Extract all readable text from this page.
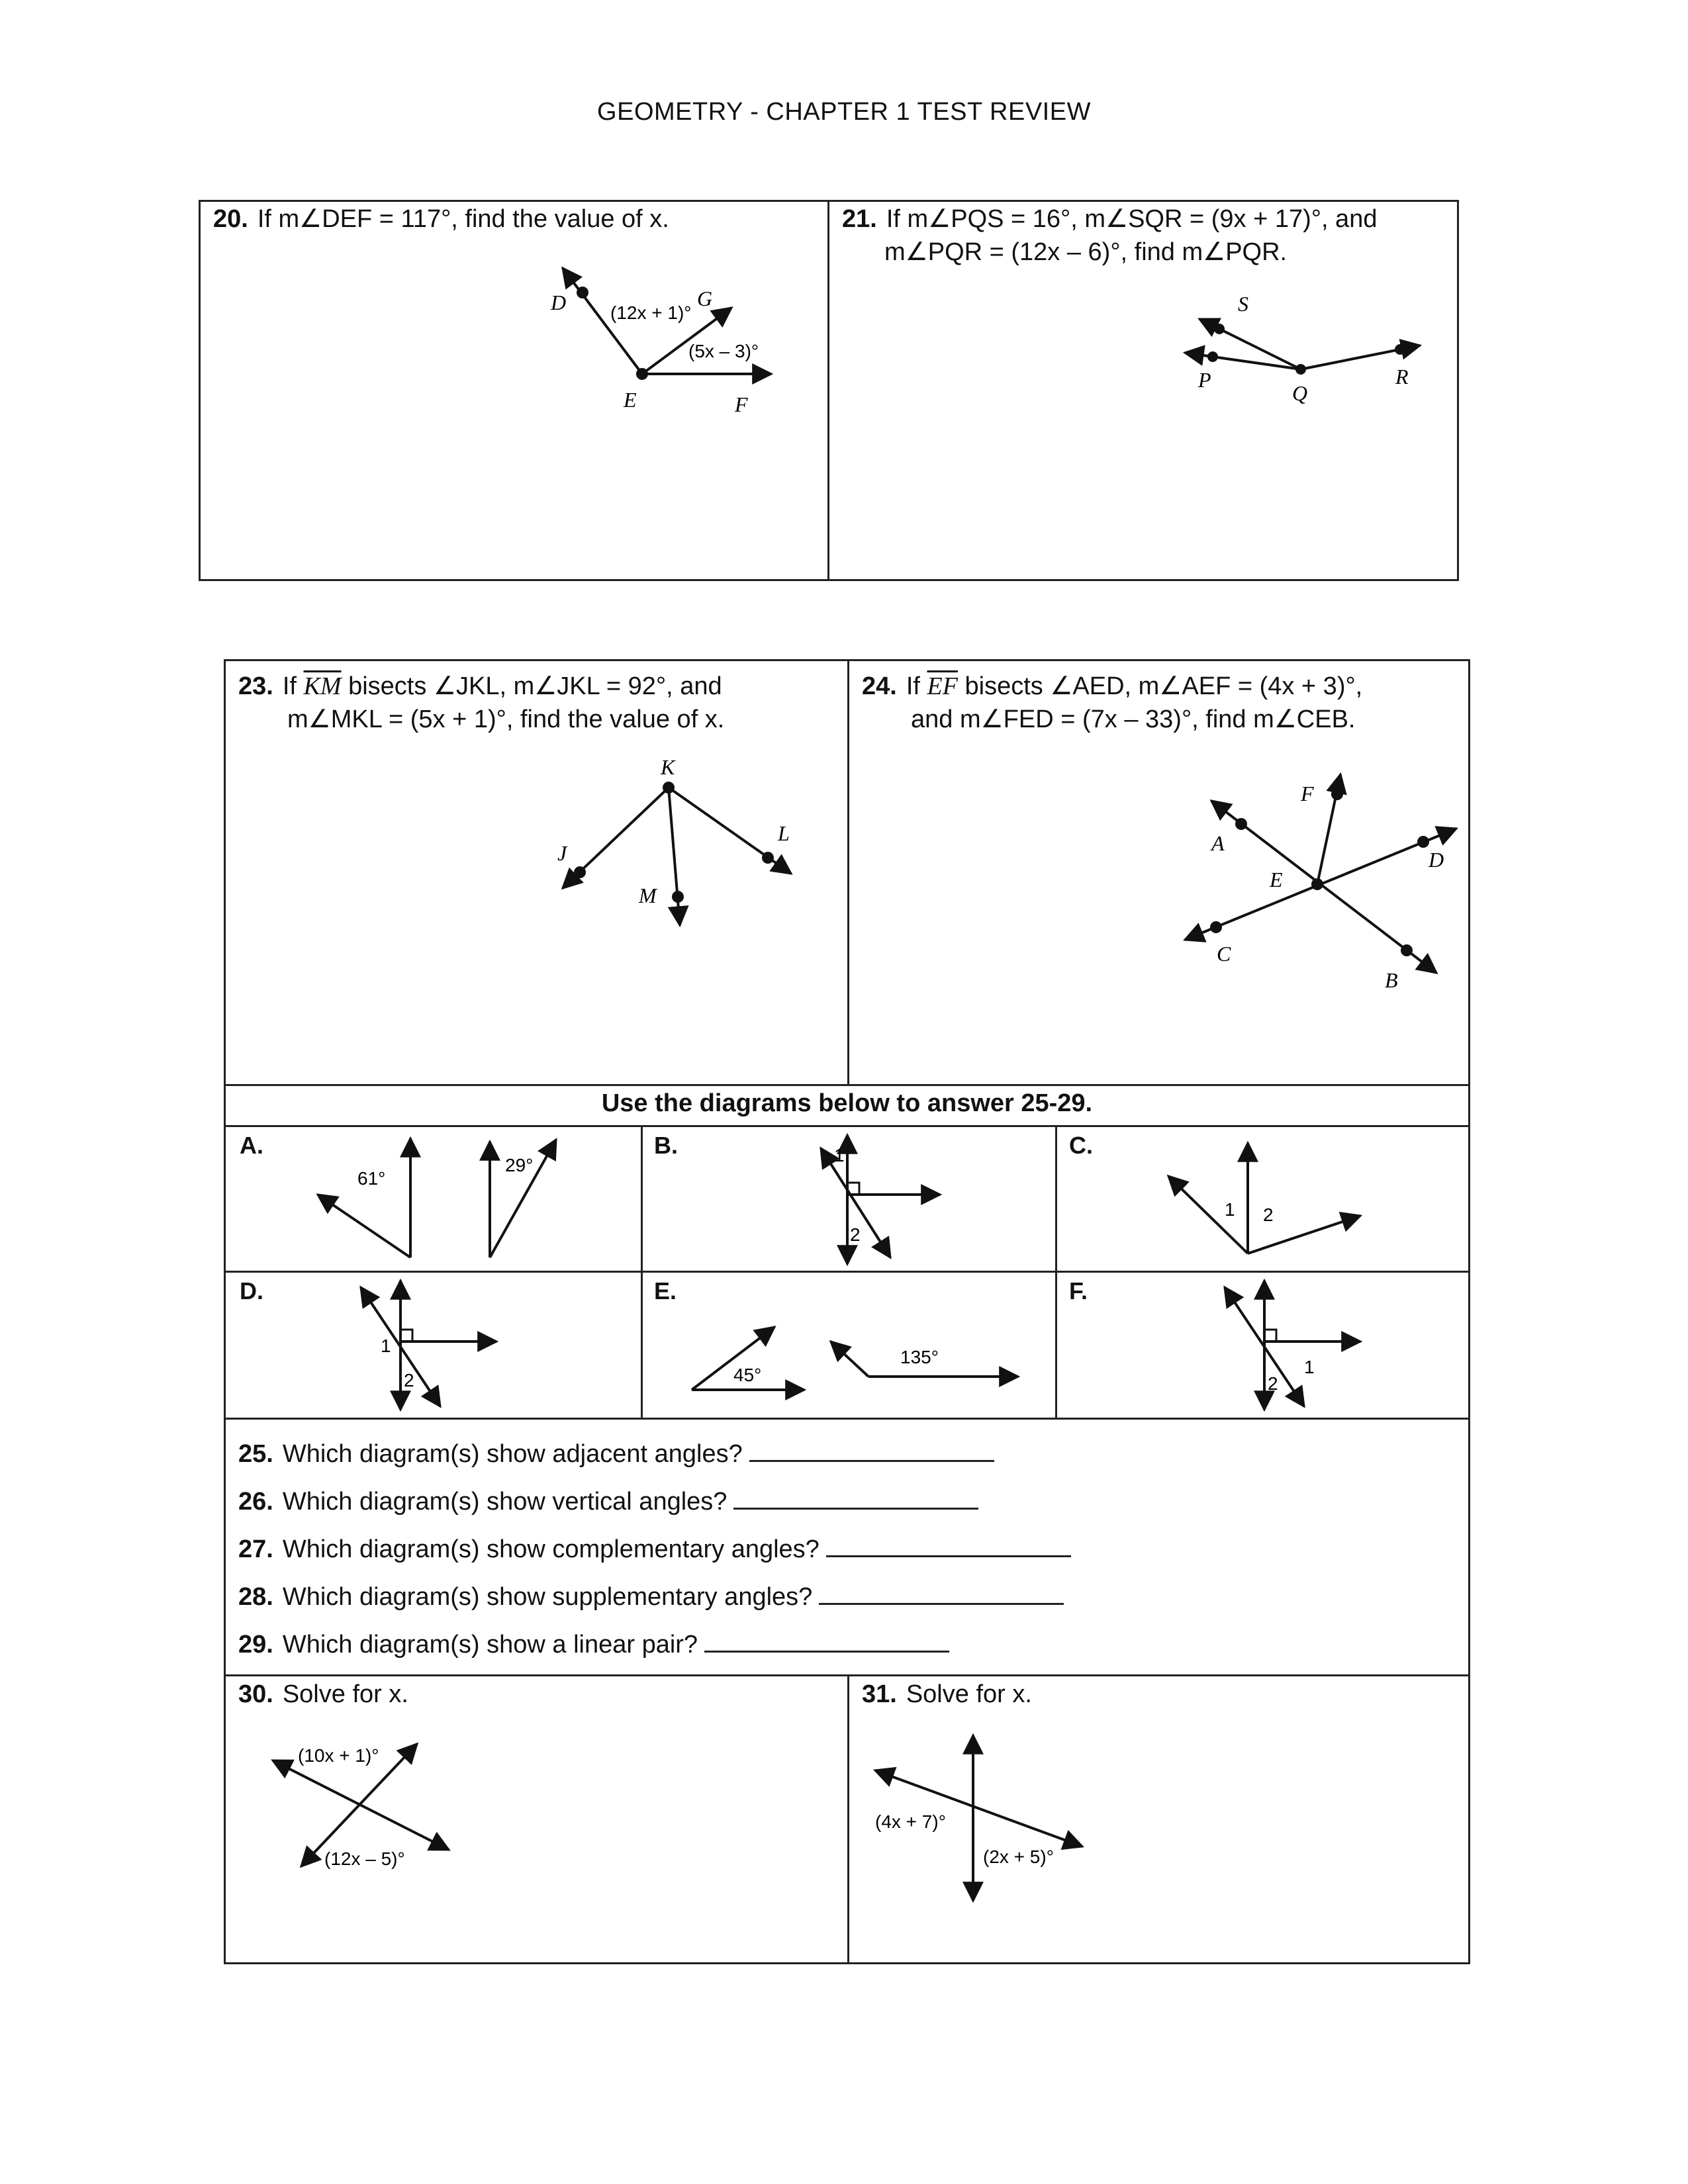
GEOMETRY - CHAPTER 1 TEST REVIEW
20. If m∠DEF = 117°, find the value of x.
D	G
E	F
(12x + 1)°
(5x – 3)°
21. If m∠PQS = 16°, m∠SQR = (9x + 17)°, and
m∠PQR = (12x – 6)°, find m∠PQR.
S
P
Q
R
23. If $\overline{KM}$ bisects ∠JKL, m∠JKL = 92°, and
m∠MKL = (5x + 1)°, find the value of x.
K
J
L
M
24. If $\overline{EF}$ bisects ∠AED, m∠AEF = (4x + 3)°,
and m∠FED = (7x – 33)°, find m∠CEB.
F
A
E
D
C
B
Use the diagrams below to answer 25-29.
A.
61°
29°
B.	1
2
C.
1 2
D.
1
2
E.
45°
135°
F.
1
2
25. Which diagram(s) show adjacent angles?
26. Which diagram(s) show vertical angles?
27. Which diagram(s) show complementary angles?
28. Which diagram(s) show supplementary angles?
29. Which diagram(s) show a linear pair?
30. Solve for x.
(10x + 1)°
(12x – 5)°
31. Solve for x.
(4x + 7)°
(2x + 5)°
